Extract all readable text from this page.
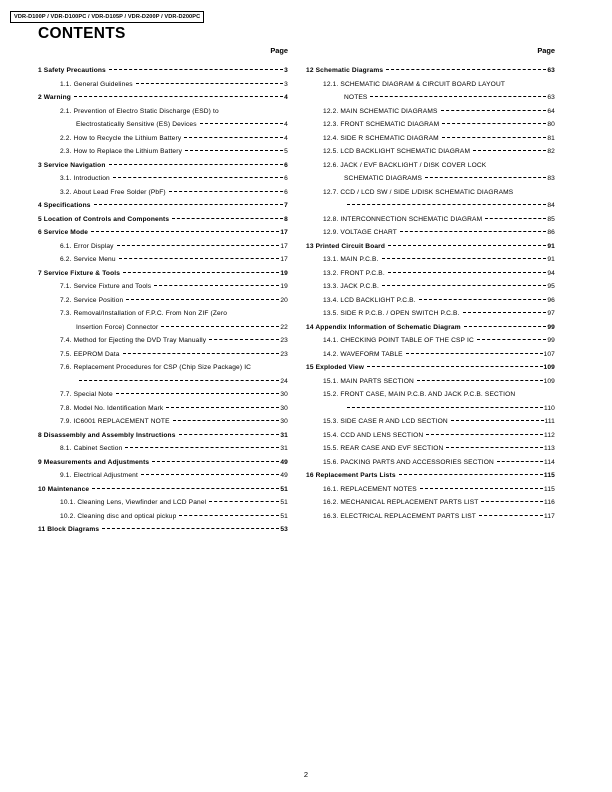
VDR-D100P / VDR-D100PC / VDR-D105P / VDR-D200P / VDR-D200PC
CONTENTS
Page
1 Safety Precautions	3
1.1. General Guidelines	3
2 Warning	4
2.1. Prevention of Electro Static Discharge (ESD) to
Electrostatically Sensitive (ES) Devices	4
2.2. How to Recycle the Lithium Battery	4
2.3. How to Replace the Lithium Battery	5
3 Service Navigation	6
3.1. Introduction	6
3.2. About Lead Free Solder (PbF)	6
4 Specifications	7
5 Location of Controls and Components	8
6 Service Mode	17
6.1. Error Display	17
6.2. Service Menu	17
7 Service Fixture & Tools	19
7.1. Service Fixture and Tools	19
7.2. Service Position	20
7.3. Removal/Installation of F.P.C. From Non ZIF (Zero
Insertion Force) Connector	22
7.4. Method for Ejecting the DVD Tray Manually	23
7.5. EEPROM Data	23
7.6. Replacement Procedures for CSP (Chip Size Package) IC
24
7.7. Special Note	30
7.8. Model No. Identification Mark	30
7.9. IC6001 REPLACEMENT NOTE	30
8 Disassembly and Assembly Instructions	31
8.1. Cabinet Section	31
9 Measurements and Adjustments	49
9.1. Electrical Adjustment	49
10 Maintenance	51
10.1. Cleaning Lens, Viewfinder and LCD Panel	51
10.2. Cleaning disc and optical pickup	51
11 Block Diagrams	53
Page
12 Schematic Diagrams	63
12.1. SCHEMATIC DIAGRAM & CIRCUIT BOARD LAYOUT
NOTES	63
12.2. MAIN SCHEMATIC DIAGRAMS	64
12.3. FRONT SCHEMATIC DIAGRAM	80
12.4. SIDE R SCHEMATIC DIAGRAM	81
12.5. LCD BACKLIGHT SCHEMATIC DIAGRAM	82
12.6. JACK / EVF BACKLIGHT / DISK COVER LOCK
SCHEMATIC DIAGRAMS	83
12.7. CCD / LCD SW / SIDE L/DISK SCHEMATIC DIAGRAMS
84
12.8. INTERCONNECTION SCHEMATIC DIAGRAM	85
12.9. VOLTAGE CHART	86
13 Printed Circuit Board	91
13.1. MAIN P.C.B.	91
13.2. FRONT P.C.B.	94
13.3. JACK P.C.B.	95
13.4. LCD BACKLIGHT P.C.B.	96
13.5. SIDE R P.C.B. / OPEN SWITCH P.C.B.	97
14 Appendix Information of Schematic Diagram	99
14.1. CHECKING POINT TABLE OF THE CSP IC	99
14.2. WAVEFORM TABLE	107
15 Exploded View	109
15.1. MAIN PARTS SECTION	109
15.2. FRONT CASE, MAIN P.C.B. AND JACK P.C.B. SECTION
110
15.3. SIDE CASE R AND LCD SECTION	111
15.4. CCD AND LENS SECTION	112
15.5. REAR CASE AND EVF SECTION	113
15.6. PACKING PARTS AND ACCESSORIES SECTION	114
16 Replacement Parts Lists	115
16.1. REPLACEMENT NOTES	115
16.2. MECHANICAL REPLACEMENT PARTS LIST	116
16.3. ELECTRICAL REPLACEMENT PARTS LIST	117
2
